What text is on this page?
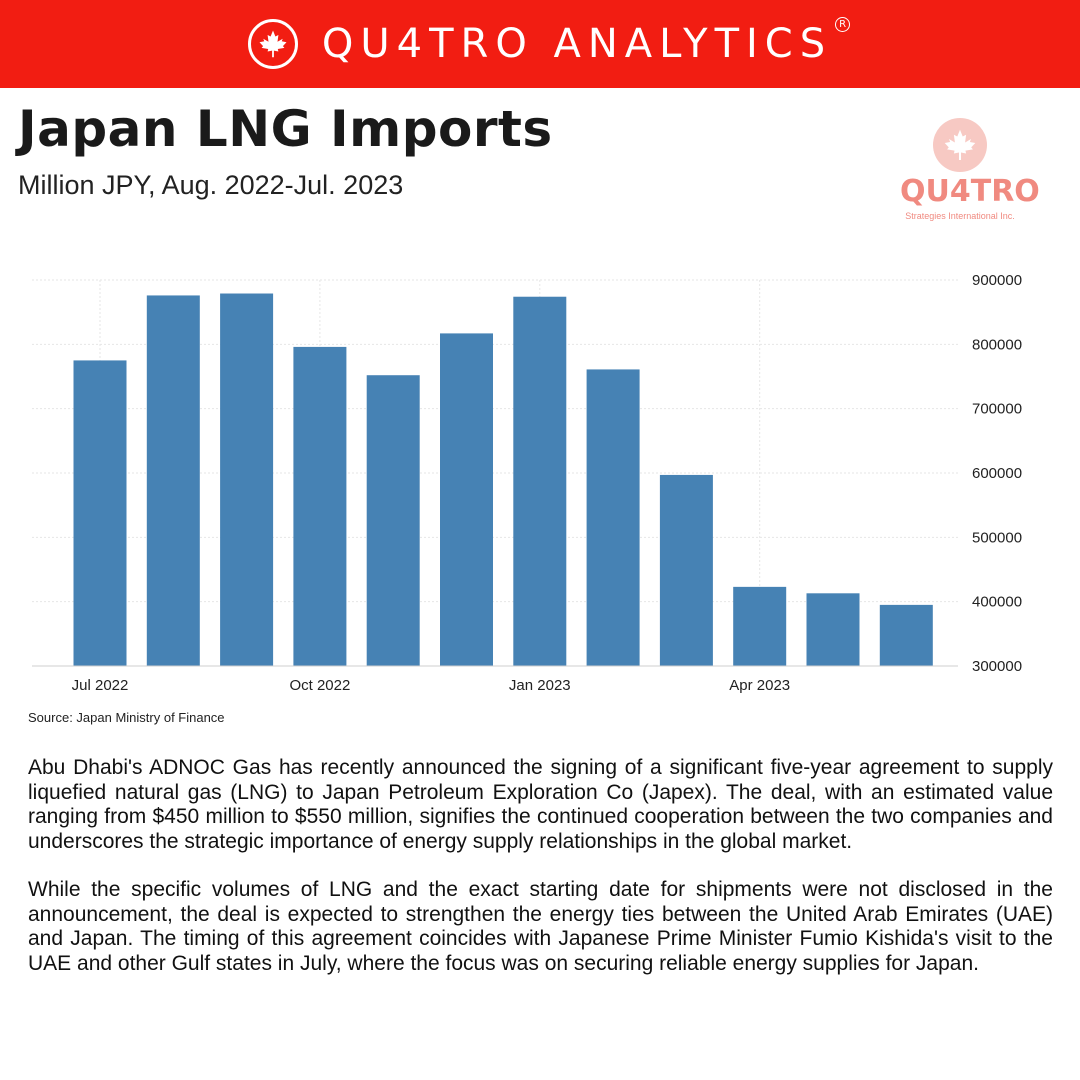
QU4TRO ANALYTICS R
Japan LNG Imports
Million JPY, Aug. 2022-Jul. 2023	QU4TRO
Strategies International Inc.
300000
400000
500000
600000
700000
800000
900000
Jul 2022	Oct 2022	Jan 2023	Apr 2023
Source: Japan Ministry of Finance

Abu Dhabi's ADNOC Gas has recently announced the signing of a significant five-year agreement to supply liquefied natural gas (LNG) to Japan Petroleum Exploration Co (Japex). The deal, with an estimated value ranging from $450 million to $550 million, signifies the continued cooperation between the two companies and underscores the strategic importance of energy supply relationships in the global market.

While the specific volumes of LNG and the exact starting date for shipments were not disclosed in the announcement, the deal is expected to strengthen the energy ties between the United Arab Emirates (UAE) and Japan. The timing of this agreement coincides with Japanese Prime Minister Fumio Kishida's visit to the UAE and other Gulf states in July, where the focus was on securing reliable energy supplies for Japan.
